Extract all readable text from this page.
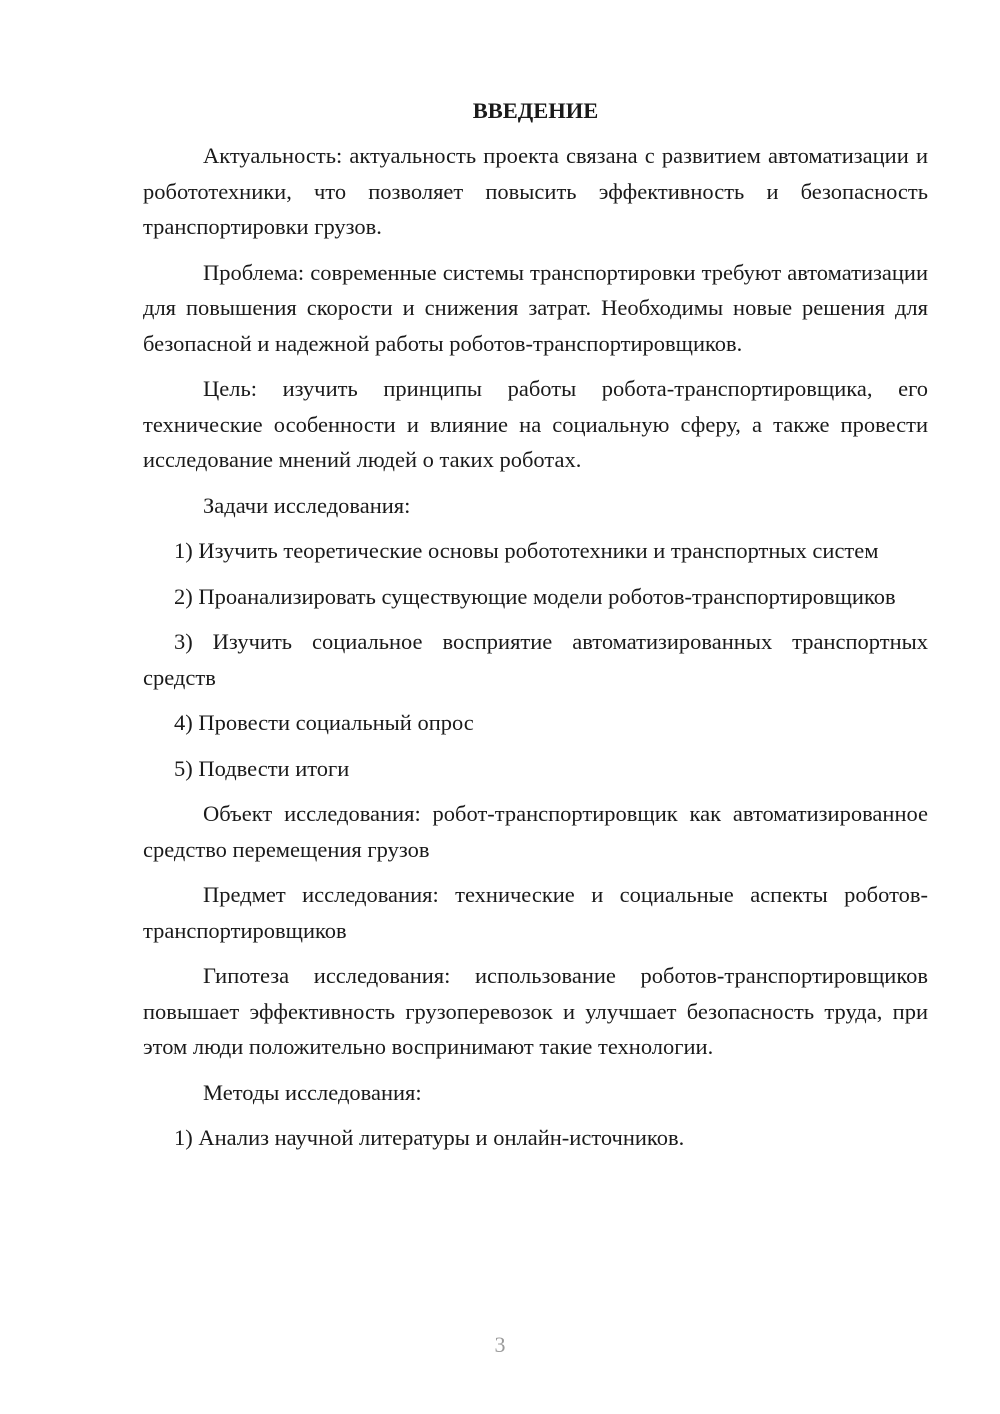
ВВЕДЕНИЕ

Актуальность: актуальность проекта связана с развитием автоматизации и робототехники, что позволяет повысить эффективность и безопасность транспортировки грузов.

Проблема: современные системы транспортировки требуют автоматизации для повышения скорости и снижения затрат. Необходимы новые решения для безопасной и надежной работы роботов-транспортировщиков.

Цель: изучить принципы работы робота-транспортировщика, его технические особенности и влияние на социальную сферу, а также провести исследование мнений людей о таких роботах.

Задачи исследования:

1) Изучить теоретические основы робототехники и транспортных систем

2) Проанализировать существующие модели роботов-транспортировщиков

3) Изучить социальное восприятие автоматизированных транспортных средств

4) Провести социальный опрос

5) Подвести итоги

Объект исследования: робот-транспортировщик как автоматизированное средство перемещения грузов

Предмет исследования: технические и социальные аспекты роботов-транспортировщиков

Гипотеза исследования: использование роботов-транспортировщиков повышает эффективность грузоперевозок и улучшает безопасность труда, при этом люди положительно воспринимают такие технологии.

Методы исследования:

1) Анализ научной литературы и онлайн-источников.

3
